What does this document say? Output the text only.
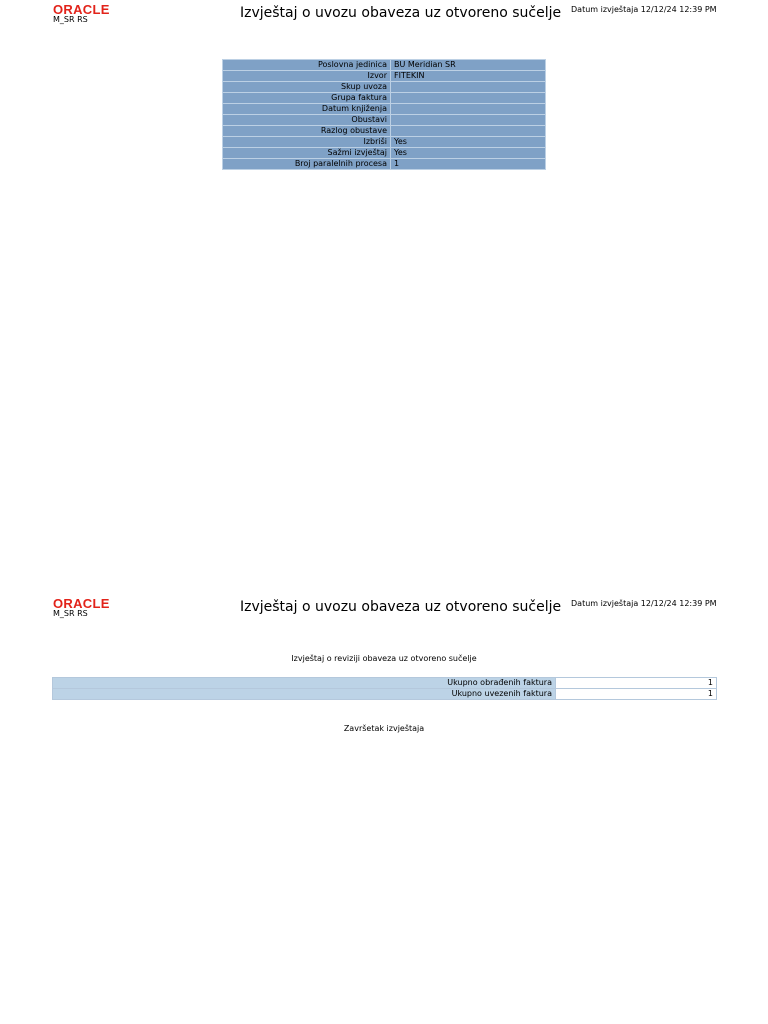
ORACLE
M_SR RS	Izvještaj o uvozu obaveza uz otvoreno sučelje Datum izvještaja 12/12/24 12:39 PM
Poslovna jedinica	BU Meridian SR
Izvor	FITEKIN
Skup uvoza	
Grupa faktura	
Datum knjiženja	
Obustavi	
Razlog obustave	
Izbriši	Yes
Sažmi izvještaj	Yes
Broj paralelnih procesa	1
ORACLE
M_SR RS	Izvještaj o uvozu obaveza uz otvoreno sučelje Datum izvještaja 12/12/24 12:39 PM
Izvještaj o reviziji obaveza uz otvoreno sučelje
Ukupno obrađenih faktura	1
Ukupno uvezenih faktura	1
Završetak izvještaja
